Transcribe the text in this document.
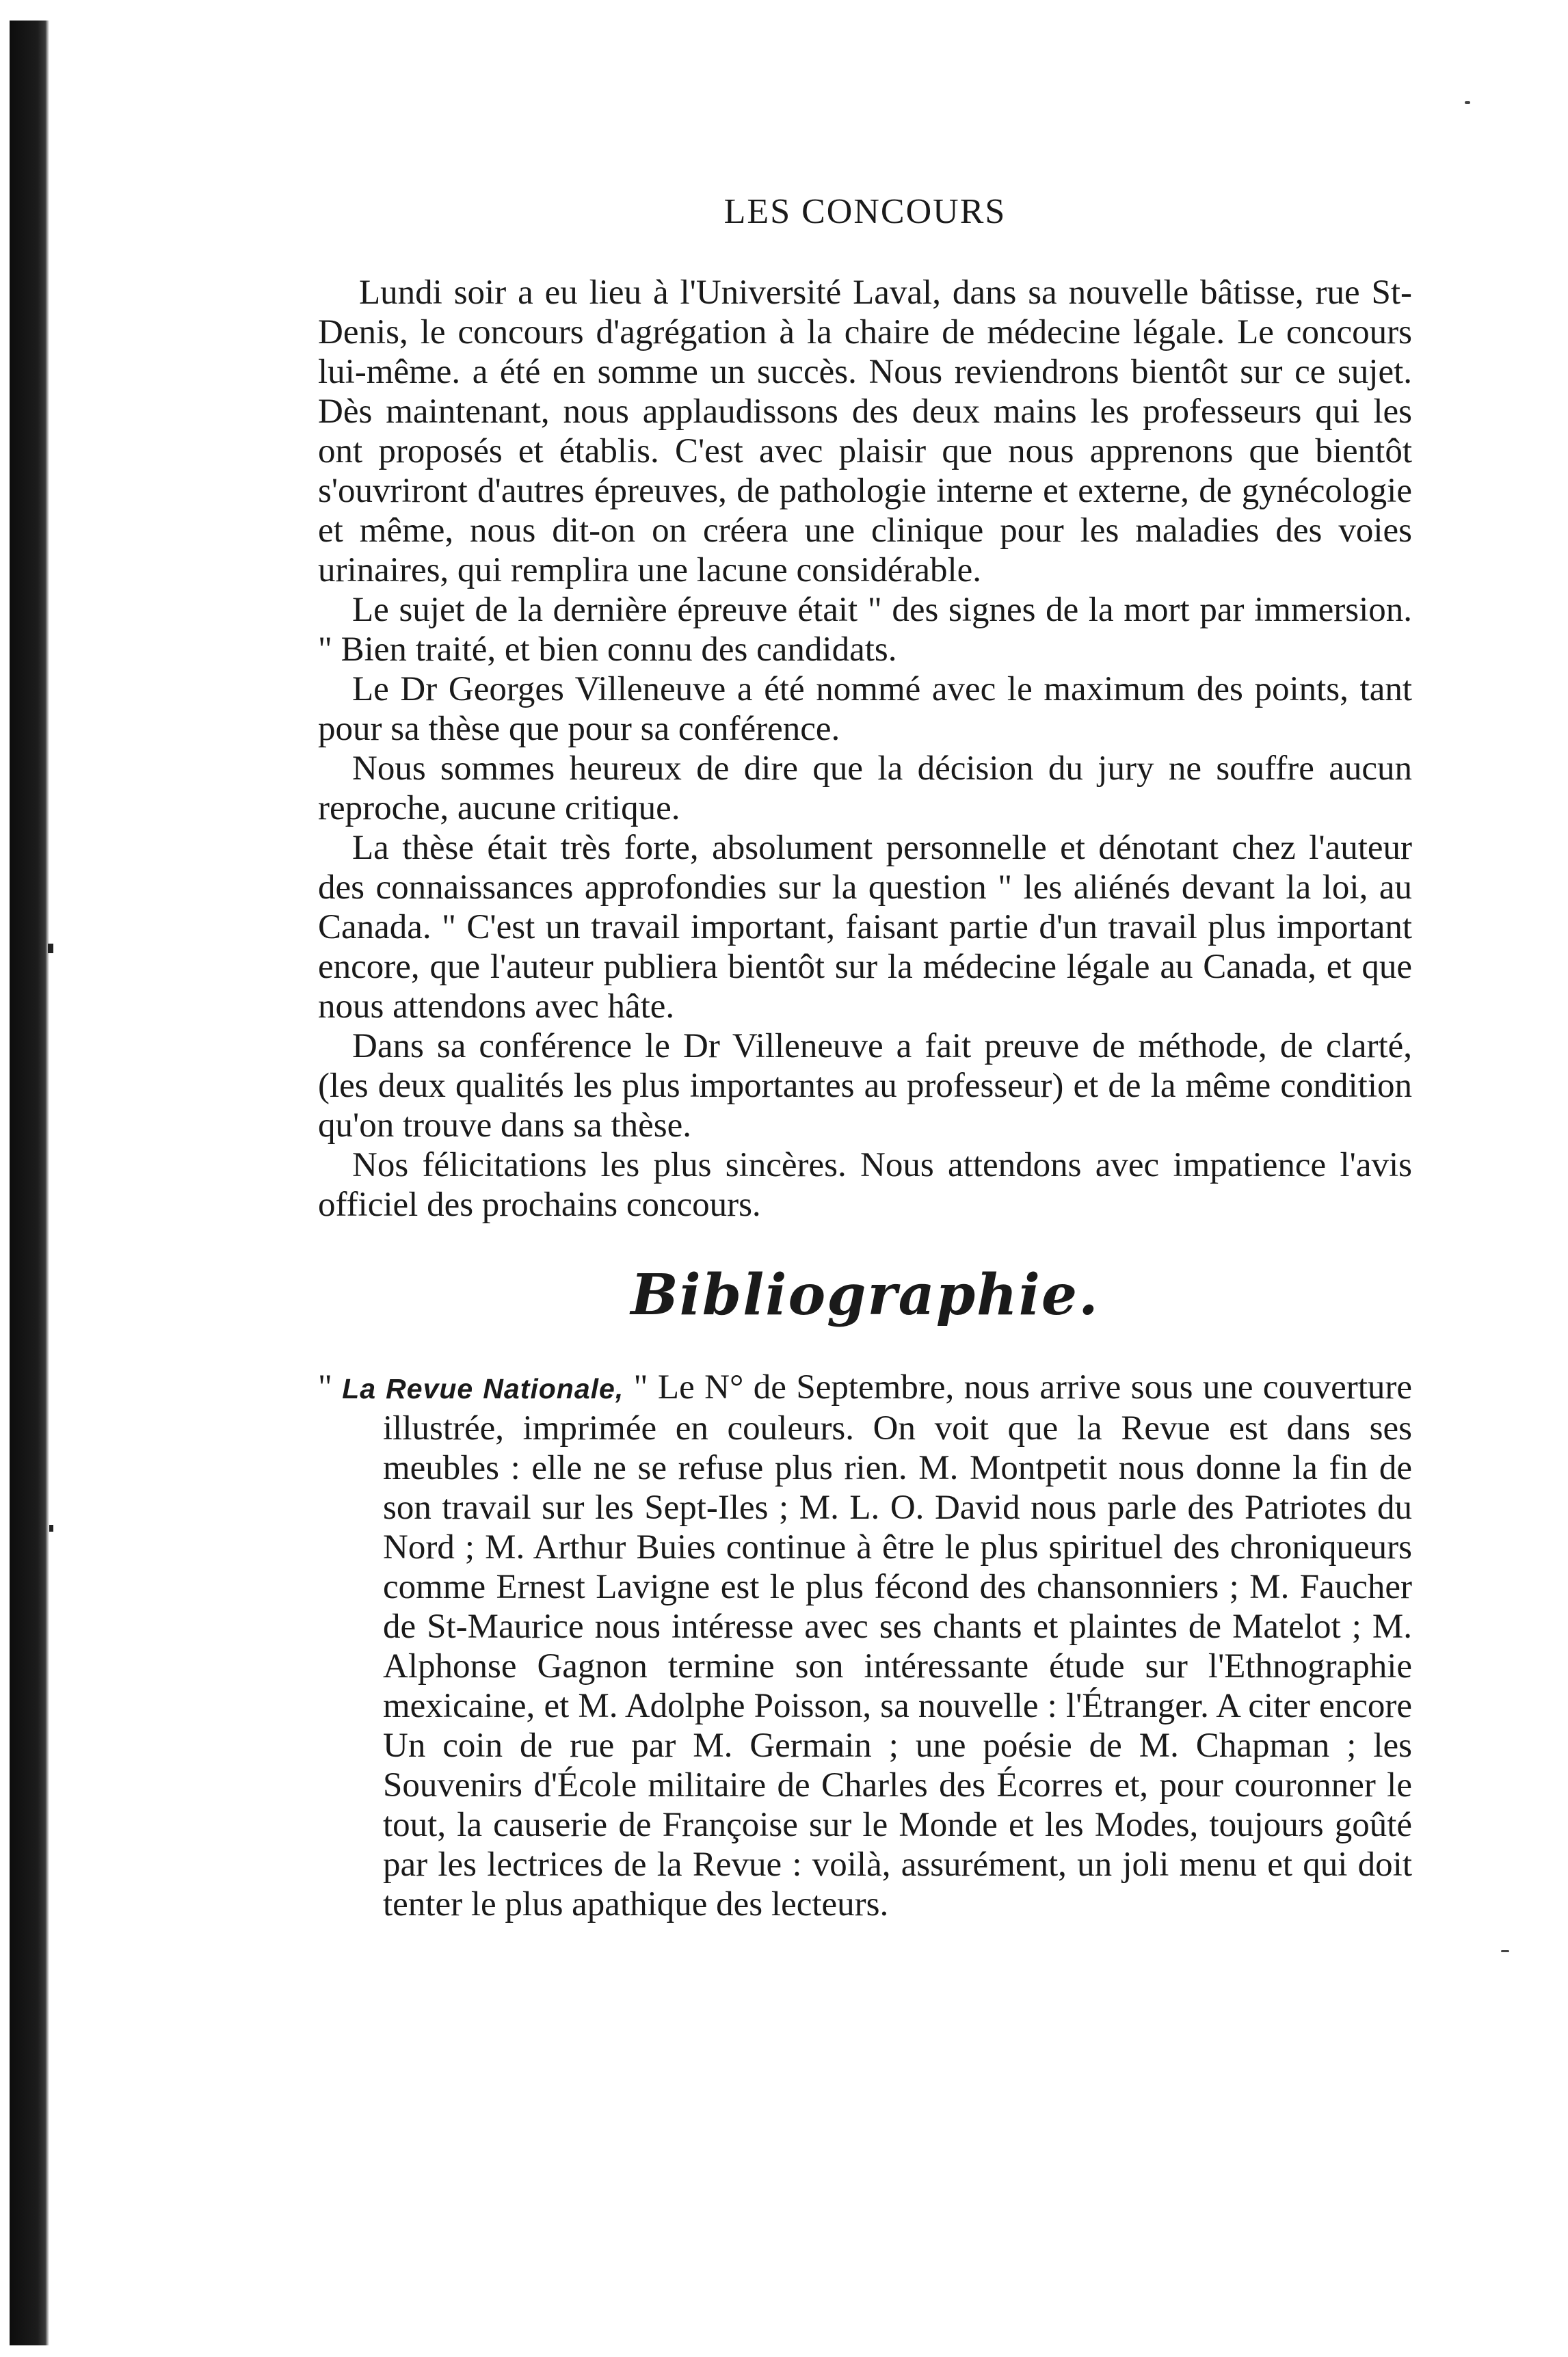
LES CONCOURS

Lundi soir a eu lieu à l'Université Laval, dans sa nouvelle bâtisse, rue St-Denis, le concours d'agrégation à la chaire de médecine légale. Le concours lui-même. a été en somme un succès. Nous reviendrons bientôt sur ce sujet. Dès maintenant, nous applaudissons des deux mains les professeurs qui les ont proposés et établis. C'est avec plaisir que nous apprenons que bientôt s'ouvriront d'autres épreuves, de pathologie interne et externe, de gynécologie et même, nous dit-on on créera une clinique pour les maladies des voies urinaires, qui remplira une lacune considérable.

Le sujet de la dernière épreuve était " des signes de la mort par immersion. " Bien traité, et bien connu des candidats.

Le Dr Georges Villeneuve a été nommé avec le maximum des points, tant pour sa thèse que pour sa conférence.

Nous sommes heureux de dire que la décision du jury ne souffre aucun reproche, aucune critique.

La thèse était très forte, absolument personnelle et dénotant chez l'auteur des connaissances approfondies sur la question " les aliénés devant la loi, au Canada. " C'est un travail important, faisant partie d'un travail plus important encore, que l'auteur publiera bientôt sur la médecine légale au Canada, et que nous attendons avec hâte.

Dans sa conférence le Dr Villeneuve a fait preuve de méthode, de clarté, (les deux qualités les plus importantes au professeur) et de la même condition qu'on trouve dans sa thèse.

Nos félicitations les plus sincères. Nous attendons avec impatience l'avis officiel des prochains concours.

Bibliographie.

" La Revue Nationale, " Le N° de Septembre, nous arrive sous une couverture illustrée, imprimée en couleurs. On voit que la Revue est dans ses meubles : elle ne se refuse plus rien. M. Montpetit nous donne la fin de son travail sur les Sept-Iles ; M. L. O. David nous parle des Patriotes du Nord ; M. Arthur Buies continue à être le plus spirituel des chroniqueurs comme Ernest Lavigne est le plus fécond des chansonniers ; M. Faucher de St-Maurice nous intéresse avec ses chants et plaintes de Matelot ; M. Alphonse Gagnon termine son intéressante étude sur l'Ethnographie mexicaine, et M. Adolphe Poisson, sa nouvelle : l'Étranger. A citer encore Un coin de rue par M. Germain ; une poésie de M. Chapman ; les Souvenirs d'École militaire de Charles des Écorres et, pour couronner le tout, la causerie de Françoise sur le Monde et les Modes, toujours goûté par les lectrices de la Revue : voilà, assurément, un joli menu et qui doit tenter le plus apathique des lecteurs.
